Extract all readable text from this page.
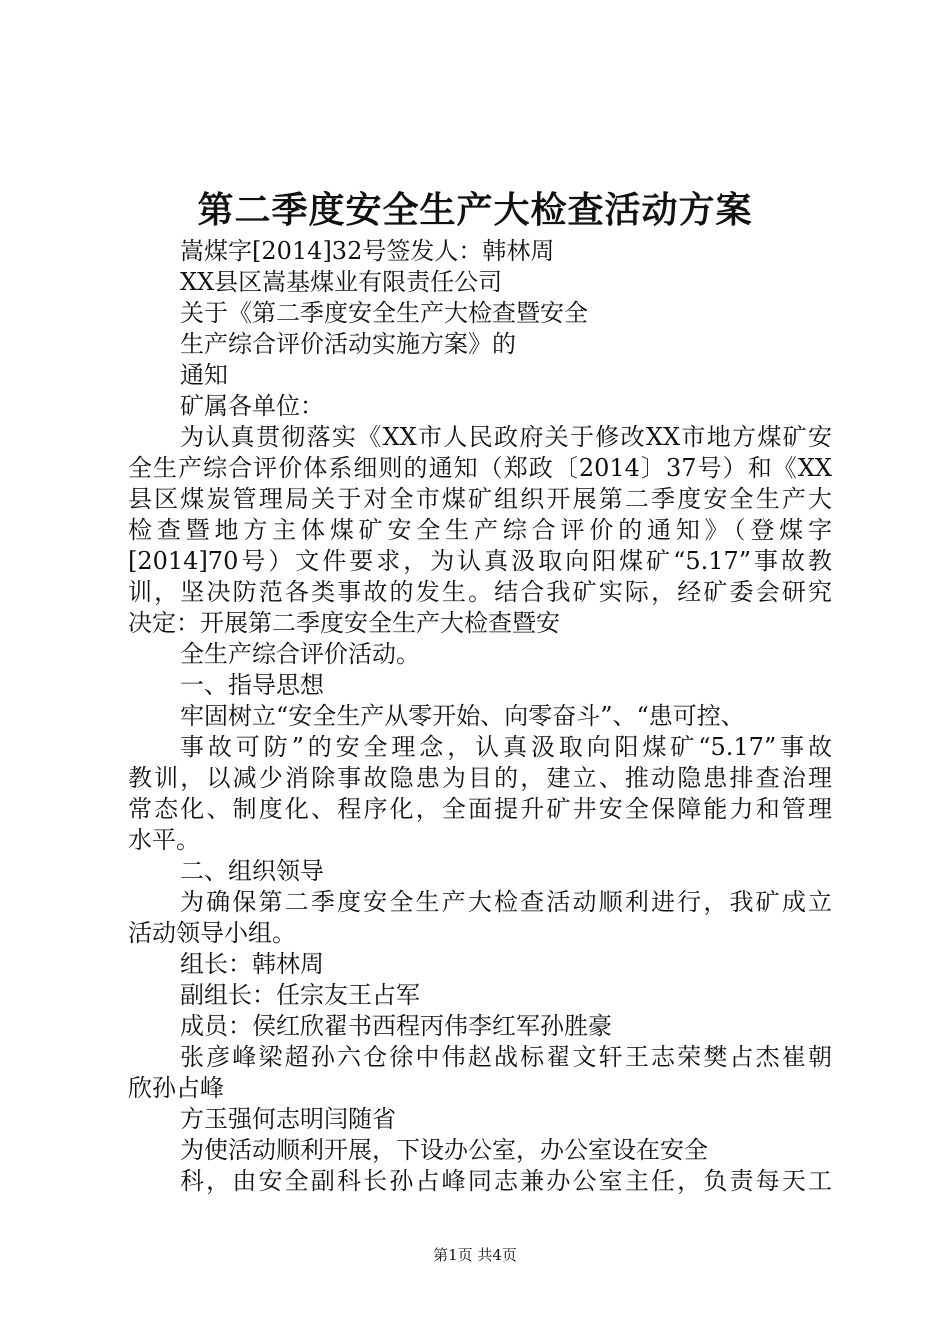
第二季度安全生产大检查活动方案
嵩煤字[2014]32号签发人：韩林周
XX县区嵩基煤业有限责任公司
关于《第二季度安全生产大检查暨安全
生产综合评价活动实施方案》的
通知
矿属各单位：
为认真贯彻落实《XX市人民政府关于修改XX市地方煤矿安
全生产综合评价体系细则的通知（郑政〔2014〕37号）和《XX
县区煤炭管理局关于对全市煤矿组织开展第二季度安全生产大
检查暨地方主体煤矿安全生产综合评价的通知》（登煤字
[2014]70号）文件要求，为认真汲取向阳煤矿“5.17”事故教
训，坚决防范各类事故的发生。结合我矿实际，经矿委会研究
决定：开展第二季度安全生产大检查暨安
全生产综合评价活动。
一、指导思想
牢固树立“安全生产从零开始、向零奋斗”、“患可控、
事故可防”的安全理念，认真汲取向阳煤矿“5.17”事故
教训，以减少消除事故隐患为目的，建立、推动隐患排查治理
常态化、制度化、程序化，全面提升矿井安全保障能力和管理
水平。
二、组织领导
为确保第二季度安全生产大检查活动顺利进行，我矿成立
活动领导小组。
组长：韩林周
副组长：任宗友王占军
成员：侯红欣翟书西程丙伟李红军孙胜豪
张彦峰梁超孙六仓徐中伟赵战标翟文轩王志荣樊占杰崔朝
欣孙占峰
方玉强何志明闫随省
为使活动顺利开展，下设办公室，办公室设在安全
科，由安全副科长孙占峰同志兼办公室主任，负责每天工
第1页 共4页
